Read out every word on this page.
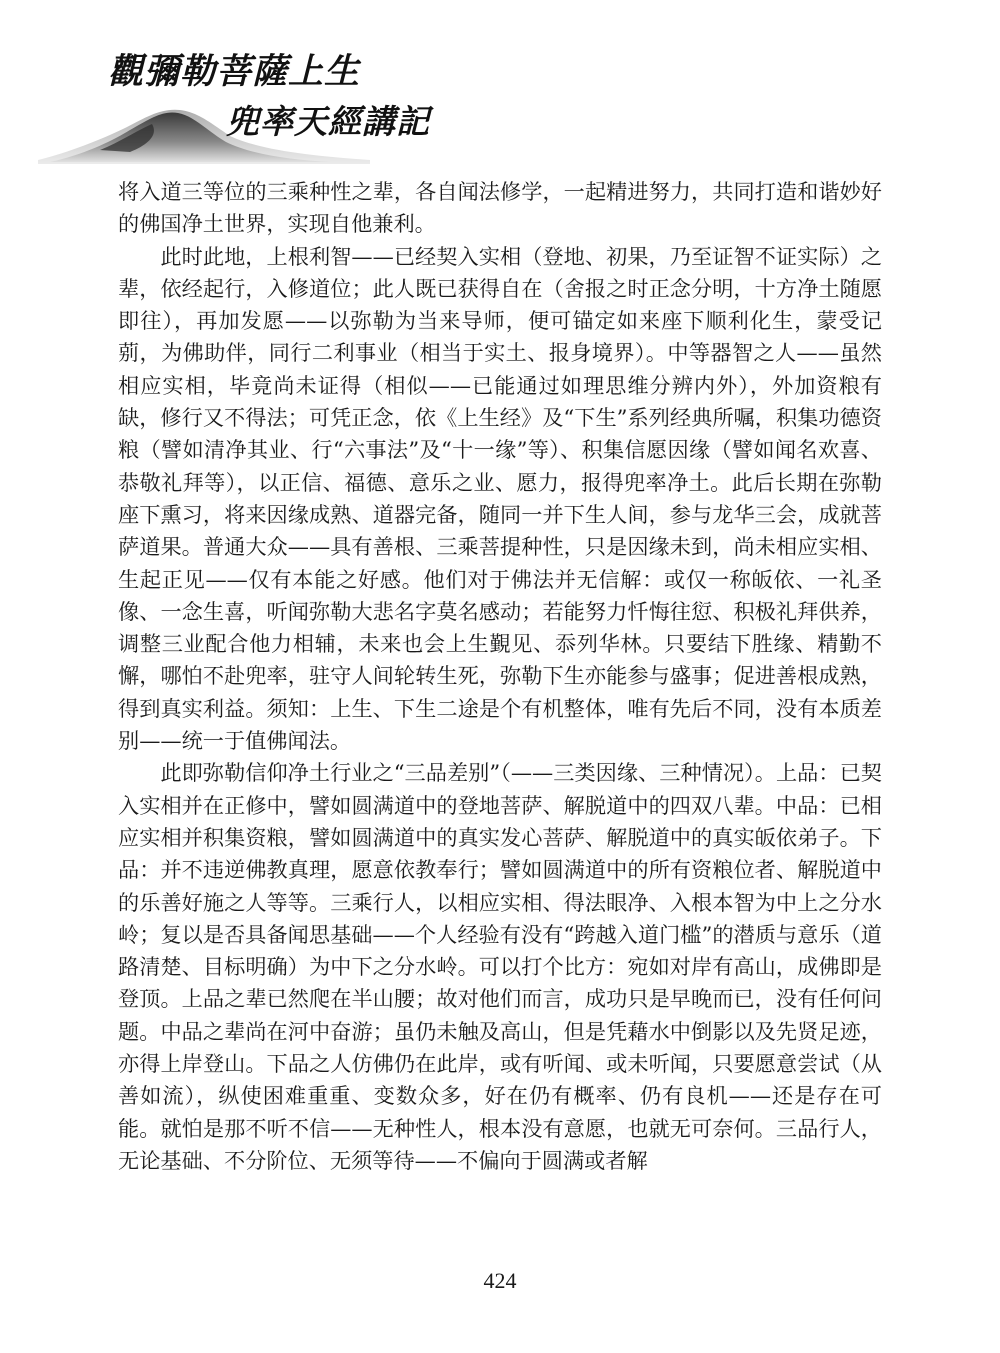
觀彌勒菩薩上生
兜率天經講記

将入道三等位的三乘种性之辈，各自闻法修学，一起精进努力，共同打造和谐妙好的佛国净土世界，实现自他兼利。

此时此地，上根利智——已经契入实相（登地、初果，乃至证智不证实际）之辈，依经起行，入修道位；此人既已获得自在（舍报之时正念分明，十方净土随愿即往），再加发愿——以弥勒为当来导师，便可锚定如来座下顺利化生，蒙受记莂，为佛助伴，同行二利事业（相当于实土、报身境界）。中等器智之人——虽然相应实相，毕竟尚未证得（相似——已能通过如理思维分辨内外），外加资粮有缺，修行又不得法；可凭正念，依《上生经》及“下生”系列经典所嘱，积集功德资粮（譬如清净其业、行“六事法”及“十一缘”等）、积集信愿因缘（譬如闻名欢喜、恭敬礼拜等），以正信、福德、意乐之业、愿力，报得兜率净土。此后长期在弥勒座下熏习，将来因缘成熟、道器完备，随同一并下生人间，参与龙华三会，成就菩萨道果。普通大众——具有善根、三乘菩提种性，只是因缘未到，尚未相应实相、生起正见——仅有本能之好感。他们对于佛法并无信解：或仅一称皈依、一礼圣像、一念生喜，听闻弥勒大悲名字莫名感动；若能努力忏悔往愆、积极礼拜供养，调整三业配合他力相辅，未来也会上生覲见、忝列华林。只要结下胜缘、精勤不懈，哪怕不赴兜率，驻守人间轮转生死，弥勒下生亦能参与盛事；促进善根成熟，得到真实利益。须知：上生、下生二途是个有机整体，唯有先后不同，没有本质差别——统一于值佛闻法。

此即弥勒信仰净土行业之“三品差别”（——三类因缘、三种情况）。上品：已契入实相并在正修中，譬如圆满道中的登地菩萨、解脱道中的四双八辈。中品：已相应实相并积集资粮，譬如圆满道中的真实发心菩萨、解脱道中的真实皈依弟子。下品：并不违逆佛教真理，愿意依教奉行；譬如圆满道中的所有资粮位者、解脱道中的乐善好施之人等等。三乘行人，以相应实相、得法眼净、入根本智为中上之分水岭；复以是否具备闻思基础——个人经验有没有“跨越入道门槛”的潜质与意乐（道路清楚、目标明确）为中下之分水岭。可以打个比方：宛如对岸有高山，成佛即是登顶。上品之辈已然爬在半山腰；故对他们而言，成功只是早晚而已，没有任何问题。中品之辈尚在河中奋游；虽仍未触及高山，但是凭藉水中倒影以及先贤足迹，亦得上岸登山。下品之人仿佛仍在此岸，或有听闻、或未听闻，只要愿意尝试（从善如流），纵使困难重重、变数众多，好在仍有概率、仍有良机——还是存在可能。就怕是那不听不信——无种性人，根本没有意愿，也就无可奈何。三品行人，无论基础、不分阶位、无须等待——不偏向于圆满或者解

424
